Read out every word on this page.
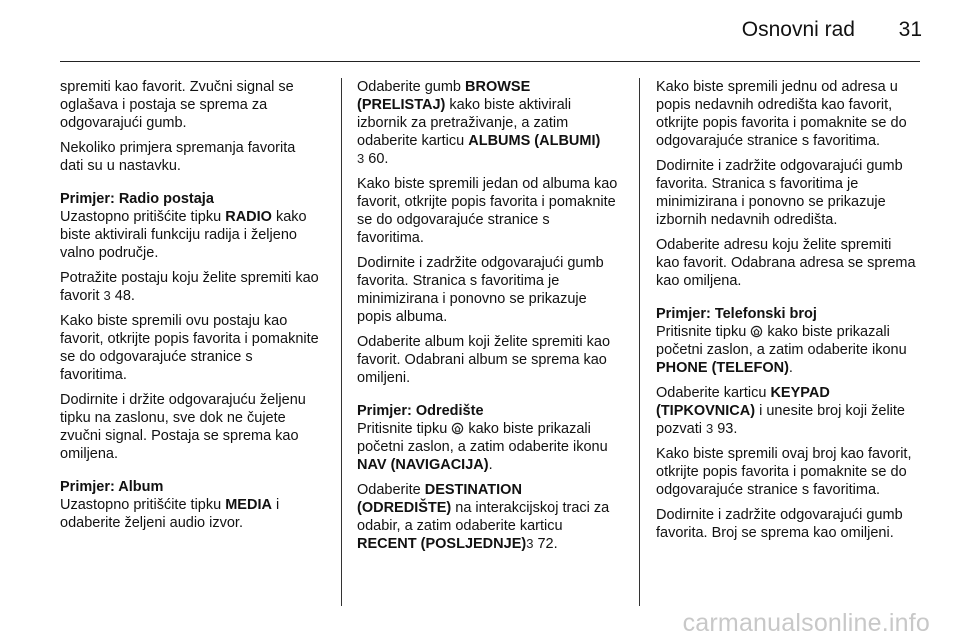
Osnovni rad 31

spremiti kao favorit. Zvučni signal se oglašava i postaja se sprema za odgovarajući gumb.

Nekoliko primjera spremanja favorita dati su u nastavku.

Primjer: Radio postaja

Uzastopno pritišćite tipku RADIO kako biste aktivirali funkciju radija i željeno valno područje.

Potražite postaju koju želite spremiti kao favorit 3 48.

Kako biste spremili ovu postaju kao favorit, otkrijte popis favorita i pomaknite se do odgovarajuće stranice s favoritima.

Dodirnite i držite odgovarajuću željenu tipku na zaslonu, sve dok ne čujete zvučni signal. Postaja se sprema kao omiljena.

Primjer: Album

Uzastopno pritišćite tipku MEDIA i odaberite željeni audio izvor.

Odaberite gumb BROWSE (PRELISTAJ) kako biste aktivirali izbornik za pretraživanje, a zatim odaberite karticu ALBUMS (ALBUMI)
3 60.

Kako biste spremili jedan od albuma kao favorit, otkrijte popis favorita i pomaknite se do odgovarajuće stranice s favoritima.

Dodirnite i zadržite odgovarajući gumb favorita. Stranica s favoritima je minimizirana i ponovno se prikazuje popis albuma.

Odaberite album koji želite spremiti kao favorit. Odabrani album se sprema kao omiljeni.

Primjer: Odredište

Pritisnite tipku  kako biste prikazali početni zaslon, a zatim odaberite ikonu NAV (NAVIGACIJA).

Odaberite DESTINATION (ODREDIŠTE) na interakcijskoj traci za odabir, a zatim odaberite karticu RECENT (POSLJEDNJE)3 72.

Kako biste spremili jednu od adresa u popis nedavnih odredišta kao favorit, otkrijte popis favorita i pomaknite se do odgovarajuće stranice s favoritima.

Dodirnite i zadržite odgovarajući gumb favorita. Stranica s favoritima je minimizirana i ponovno se prikazuje izbornih nedavnih odredišta.

Odaberite adresu koju želite spremiti kao favorit. Odabrana adresa se sprema kao omiljena.

Primjer: Telefonski broj

Pritisnite tipku  kako biste prikazali početni zaslon, a zatim odaberite ikonu PHONE (TELEFON).

Odaberite karticu KEYPAD (TIPKOVNICA) i unesite broj koji želite pozvati 3 93.

Kako biste spremili ovaj broj kao favorit, otkrijte popis favorita i pomaknite se do odgovarajuće stranice s favoritima.

Dodirnite i zadržite odgovarajući gumb favorita. Broj se sprema kao omiljeni.

carmanualsonline.info
